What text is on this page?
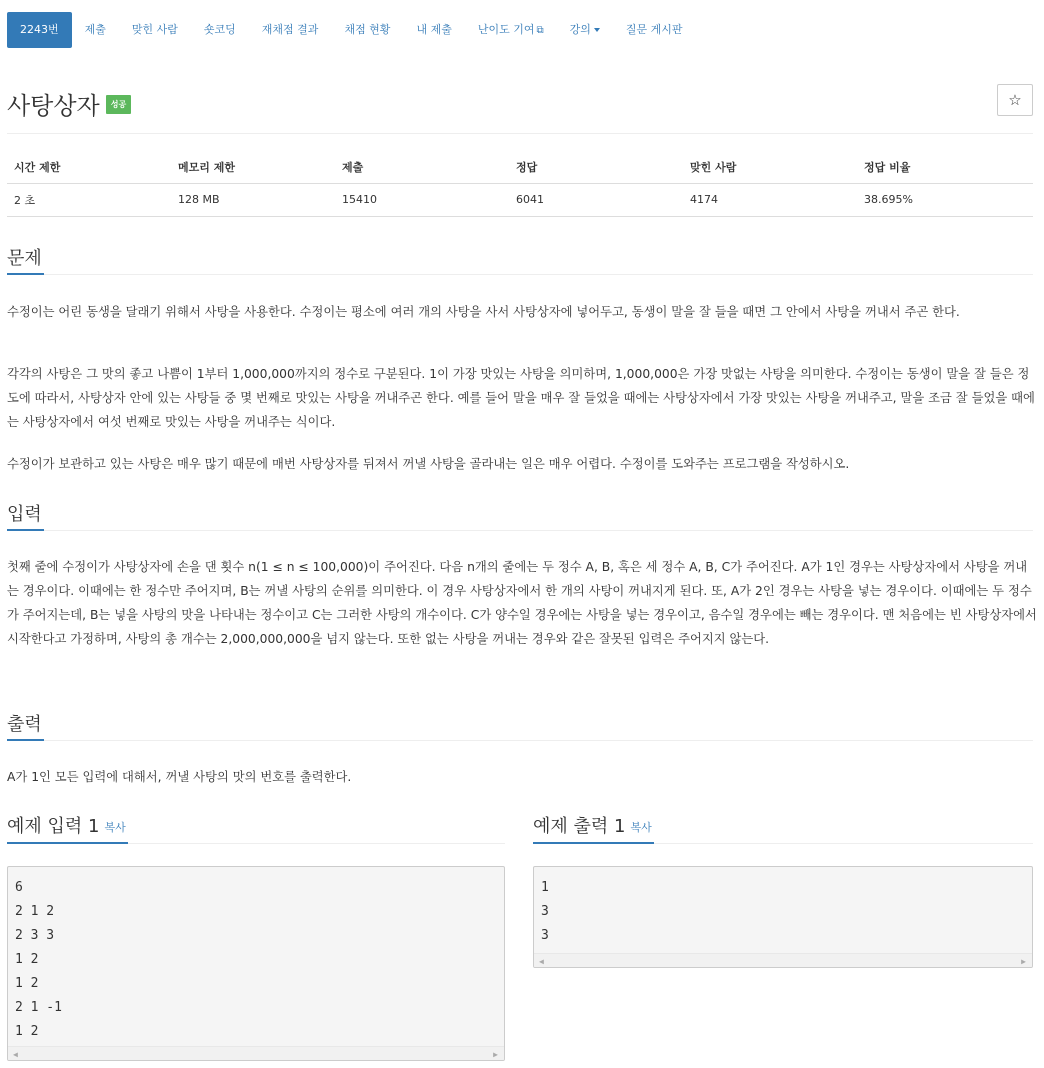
2243번	제출	맞힌 사람	숏코딩	재채점 결과	채점 현황	내 제출	난이도 기여 ⧉	강의	질문 게시판
사탕상자 성공	☆
시간 제한	메모리 제한	제출	정답	맞힌 사람	정답 비율
2 초	128 MB	15410	6041	4174	38.695%
문제
수정이는 어린 동생을 달래기 위해서 사탕을 사용한다. 수정이는 평소에 여러 개의 사탕을 사서 사탕상자에 넣어두고, 동생이 말을 잘 들을 때면 그 안에서 사탕을 꺼내서 주곤 한다.
각각의 사탕은 그 맛의 좋고 나쁨이 1부터 1,000,000까지의 정수로 구분된다. 1이 가장 맛있는 사탕을 의미하며, 1,000,000은 가장 맛없는 사탕을 의미한다. 수정이는 동생이 말을 잘 들은 정도에 따라서, 사탕상자 안에 있는 사탕들 중 몇 번째로 맛있는 사탕을 꺼내주곤 한다. 예를 들어 말을 매우 잘 들었을 때에는 사탕상자에서 가장 맛있는 사탕을 꺼내주고, 말을 조금 잘 들었을 때에는 사탕상자에서 여섯 번째로 맛있는 사탕을 꺼내주는 식이다.
수정이가 보관하고 있는 사탕은 매우 많기 때문에 매번 사탕상자를 뒤져서 꺼낼 사탕을 골라내는 일은 매우 어렵다. 수정이를 도와주는 프로그램을 작성하시오.
입력
첫째 줄에 수정이가 사탕상자에 손을 댄 횟수 n(1 ≤ n ≤ 100,000)이 주어진다. 다음 n개의 줄에는 두 정수 A, B, 혹은 세 정수 A, B, C가 주어진다. A가 1인 경우는 사탕상자에서 사탕을 꺼내는 경우이다. 이때에는 한 정수만 주어지며, B는 꺼낼 사탕의 순위를 의미한다. 이 경우 사탕상자에서 한 개의 사탕이 꺼내지게 된다. 또, A가 2인 경우는 사탕을 넣는 경우이다. 이때에는 두 정수가 주어지는데, B는 넣을 사탕의 맛을 나타내는 정수이고 C는 그러한 사탕의 개수이다. C가 양수일 경우에는 사탕을 넣는 경우이고, 음수일 경우에는 빼는 경우이다. 맨 처음에는 빈 사탕상자에서 시작한다고 가정하며, 사탕의 총 개수는 2,000,000,000을 넘지 않는다. 또한 없는 사탕을 꺼내는 경우와 같은 잘못된 입력은 주어지지 않는다.
출력
A가 1인 모든 입력에 대해서, 꺼낼 사탕의 맛의 번호를 출력한다.
예제 입력 1 복사
6
2 1 2
2 3 3
1 2
1 2
2 1 -1
1 2
◀	▶
예제 출력 1 복사
1
3
3
◀	▶
